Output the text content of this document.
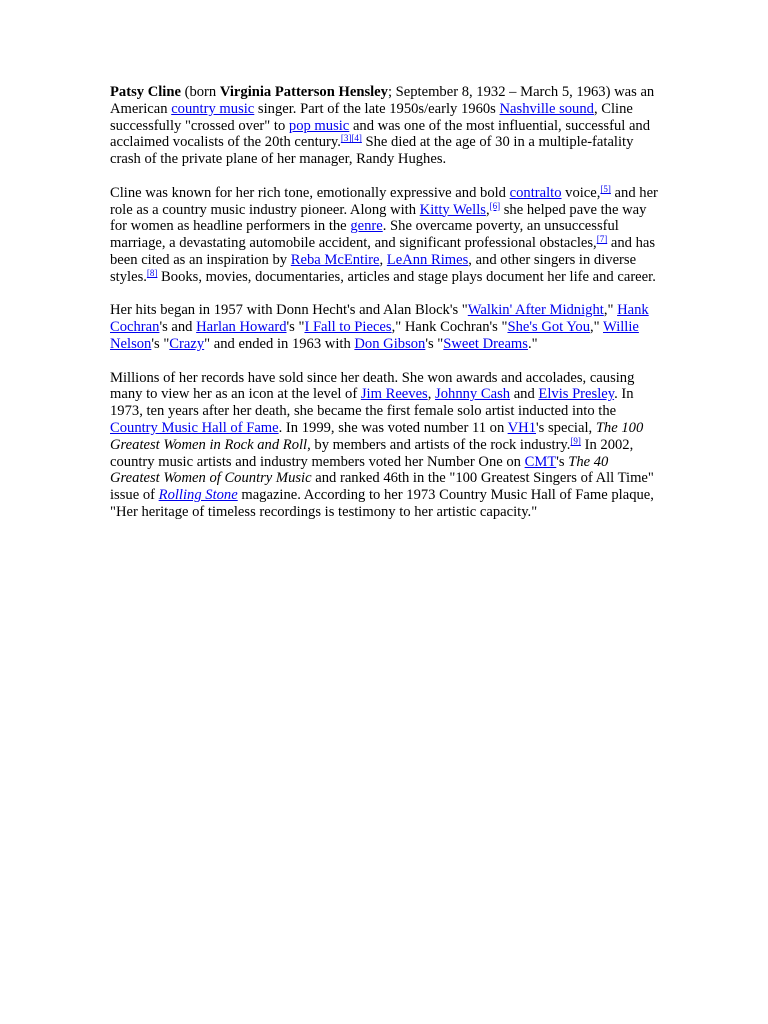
Patsy Cline (born Virginia Patterson Hensley; September 8, 1932 – March 5, 1963) was an American country music singer. Part of the late 1950s/early 1960s Nashville sound, Cline successfully "crossed over" to pop music and was one of the most influential, successful and acclaimed vocalists of the 20th century.[3][4] She died at the age of 30 in a multiple-fatality crash of the private plane of her manager, Randy Hughes.

Cline was known for her rich tone, emotionally expressive and bold contralto voice,[5] and her role as a country music industry pioneer. Along with Kitty Wells,[6] she helped pave the way for women as headline performers in the genre. She overcame poverty, an unsuccessful marriage, a devastating automobile accident, and significant professional obstacles,[7] and has been cited as an inspiration by Reba McEntire, LeAnn Rimes, and other singers in diverse styles.[8] Books, movies, documentaries, articles and stage plays document her life and career.

Her hits began in 1957 with Donn Hecht's and Alan Block's "Walkin' After Midnight," Hank Cochran's and Harlan Howard's "I Fall to Pieces," Hank Cochran's "She's Got You," Willie Nelson's "Crazy" and ended in 1963 with Don Gibson's "Sweet Dreams."

Millions of her records have sold since her death. She won awards and accolades, causing many to view her as an icon at the level of Jim Reeves, Johnny Cash and Elvis Presley. In 1973, ten years after her death, she became the first female solo artist inducted into the Country Music Hall of Fame. In 1999, she was voted number 11 on VH1's special, The 100 Greatest Women in Rock and Roll, by members and artists of the rock industry.[9] In 2002, country music artists and industry members voted her Number One on CMT's The 40 Greatest Women of Country Music and ranked 46th in the "100 Greatest Singers of All Time" issue of Rolling Stone magazine. According to her 1973 Country Music Hall of Fame plaque, "Her heritage of timeless recordings is testimony to her artistic capacity."
